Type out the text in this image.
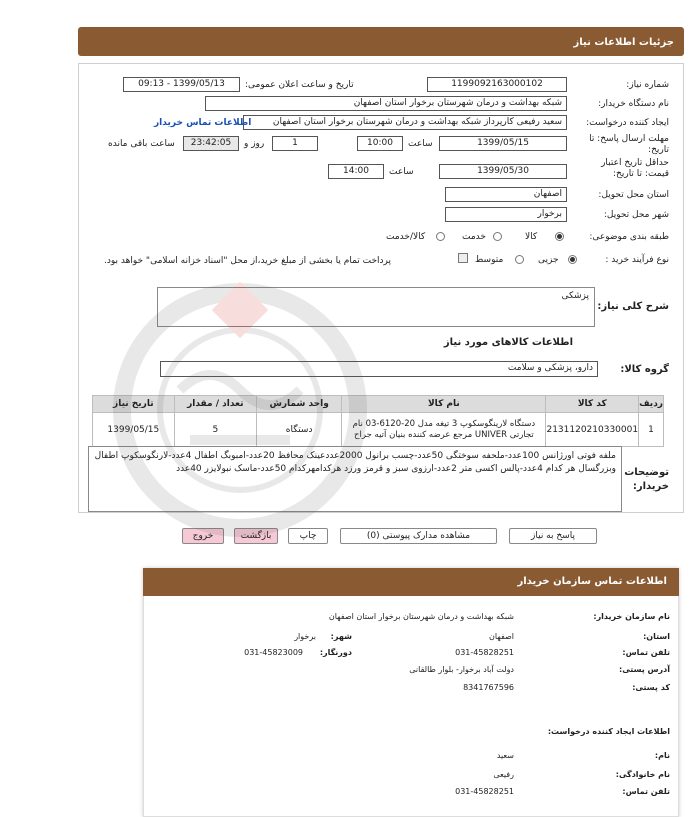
جزئیات اطلاعات نیاز
شماره نیاز:
1199092163000102
تاریخ و ساعت اعلان عمومی:
1399/05/13 - 09:13
نام دستگاه خریدار:
شبکه بهداشت و درمان شهرستان برخوار استان اصفهان
ایجاد کننده درخواست:
سعید رفیعی کارپرداز شبکه بهداشت و درمان شهرستان برخوار استان اصفهان
اطلاعات تماس خریدار
مهلت ارسال پاسخ: تا
تاریخ:
1399/05/15
ساعت
10:00
1
روز و
23:42:05
ساعت باقی مانده
حداقل تاریخ اعتبار
قیمت: تا تاریخ:
1399/05/30
ساعت
14:00
استان محل تحویل:
اصفهان
شهر محل تحویل:
برخوار
طبقه بندی موضوعی:
کالا
خدمت
کالا/خدمت
نوع فرآیند خرید :
جزیی
متوسط
پرداخت تمام یا بخشی از مبلغ خرید،از محل "اسناد خزانه اسلامی" خواهد بود.
شرح کلی نیاز:
پزشکی
اطلاعات کالاهای مورد نیاز
گروه کالا:
دارو، پزشکی و سلامت
ردیف	کد کالا	نام کالا	واحد شمارش	تعداد / مقدار	تاریخ نیاز
1	2131120210330001	دستگاه لارینگوسکوپ 3 تیغه مدل 20-6120-03 نام تجارتی UNIVER مرجع عرضه کننده بنیان آتیه جراح	دستگاه	5	1399/05/15
توضیحات
خریدار:
ملفه فوتی اورژانس 100عدد-ملحفه سوختگی 50عدد-چسب برانول 2000عددعینک محافظ 20عدد-امبوبگ اطفال 4عدد-لارنگوسکوپ اطفال وبزرگسال هر کدام 4عدد-پالس اکسی متر 2عدد-ارزوی سبز و قرمز ورزد هرکدامهرکدام 50عدد-ماسک نبولایزر 40عدد
پاسخ به نیاز
مشاهده مدارک پیوستی (0)
چاپ
بازگشت
خروج
اطلاعات تماس سازمان خریدار
نام سازمان خریدار:
شبکه بهداشت و درمان شهرستان برخوار استان اصفهان
استان:
اصفهان
شهر:
برخوار
تلفن تماس:
031-45828251
دورنگار:
031-45823009
آدرس پستی:
دولت آباد برخوار- بلوار طالقانی
کد پستی:
8341767596
اطلاعات ایجاد کننده درخواست:
نام:
سعید
نام خانوادگی:
رفیعی
تلفن تماس:
031-45828251
